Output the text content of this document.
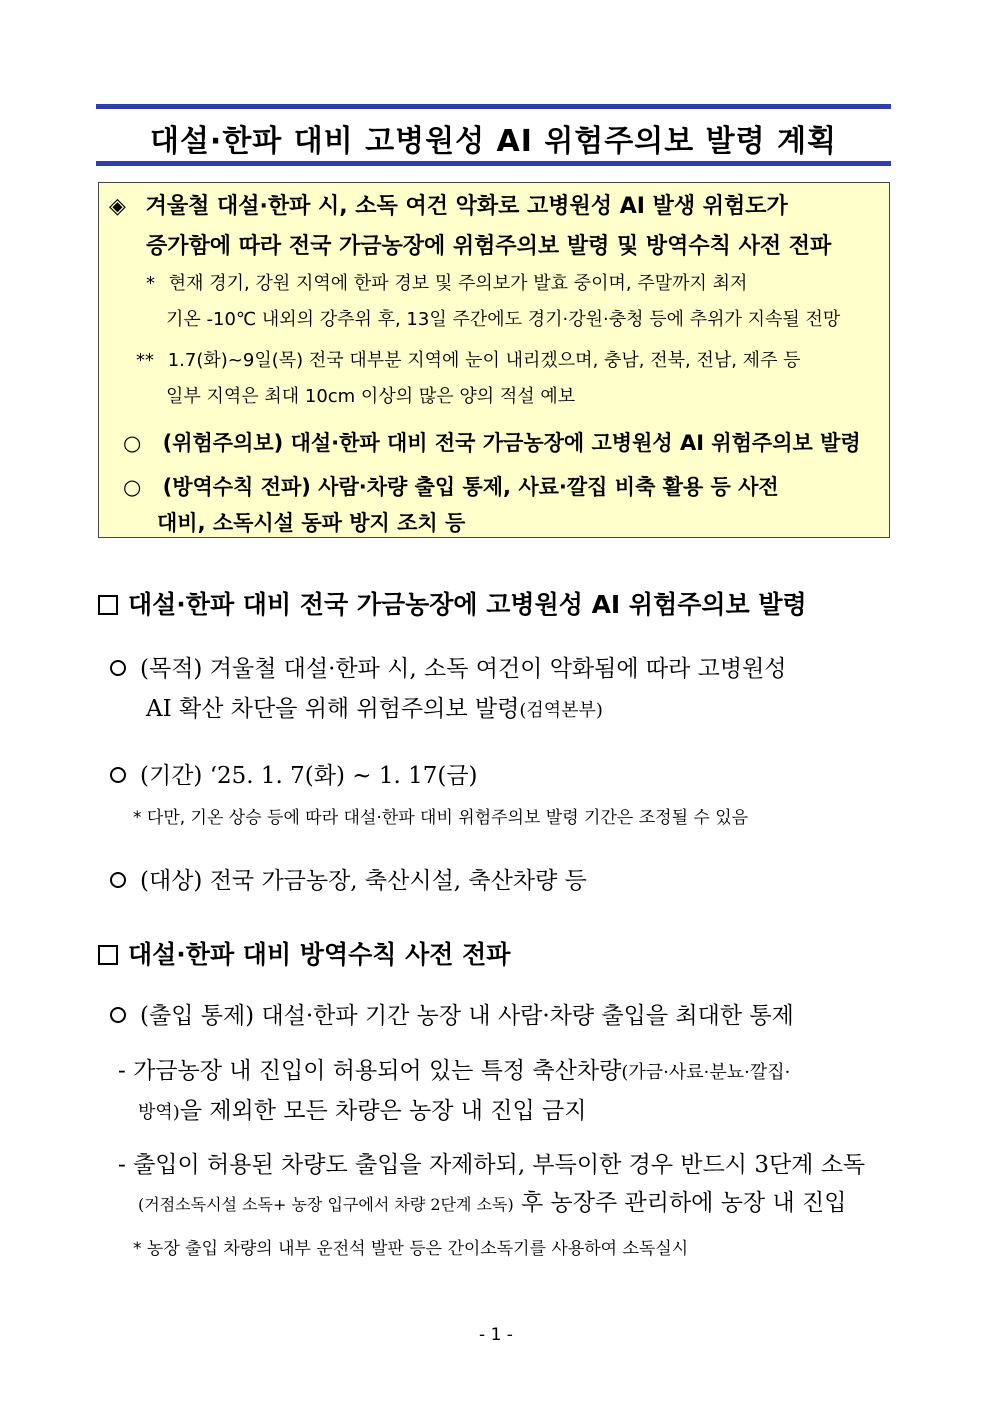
대설·한파 대비 고병원성 AI 위험주의보 발령 계획
◈ 겨울철 대설·한파 시, 소독 여건 악화로 고병원성 AI 발생 위험도가
증가함에 따라 전국 가금농장에 위험주의보 발령 및 방역수칙 사전 전파
* 현재 경기, 강원 지역에 한파 경보 및 주의보가 발효 중이며, 주말까지 최저
기온 -10℃ 내외의 강추위 후, 13일 주간에도 경기·강원·충청 등에 추위가 지속될 전망
** 1.7(화)~9일(목) 전국 대부분 지역에 눈이 내리겠으며, 충남, 전북, 전남, 제주 등
일부 지역은 최대 10cm 이상의 많은 양의 적설 예보
○ (위험주의보) 대설·한파 대비 전국 가금농장에 고병원성 AI 위험주의보 발령
○ (방역수칙 전파) 사람·차량 출입 통제, 사료·깔집 비축 활용 등 사전
대비, 소독시설 동파 방지 조치 등
대설·한파 대비 전국 가금농장에 고병원성 AI 위험주의보 발령
(목적) 겨울철 대설·한파 시, 소독 여건이 악화됨에 따라 고병원성
AI 확산 차단을 위해 위험주의보 발령(검역본부)
(기간) ‘25. 1. 7(화) ~ 1. 17(금)
* 다만, 기온 상승 등에 따라 대설·한파 대비 위험주의보 발령 기간은 조정될 수 있음
(대상) 전국 가금농장, 축산시설, 축산차량 등
대설·한파 대비 방역수칙 사전 전파
(출입 통제) 대설·한파 기간 농장 내 사람·차량 출입을 최대한 통제
- 가금농장 내 진입이 허용되어 있는 특정 축산차량(가금·사료·분뇨·깔집·
방역)을 제외한 모든 차량은 농장 내 진입 금지
- 출입이 허용된 차량도 출입을 자제하되, 부득이한 경우 반드시 3단계 소독
(거점소독시설 소독+ 농장 입구에서 차량 2단계 소독) 후 농장주 관리하에 농장 내 진입
* 농장 출입 차량의 내부 운전석 발판 등은 간이소독기를 사용하여 소독실시
- 1 -
